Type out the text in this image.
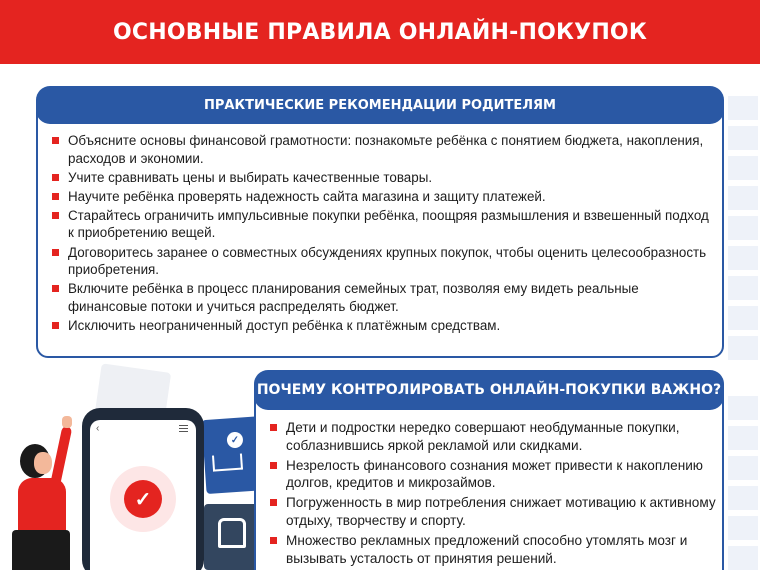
ОСНОВНЫЕ ПРАВИЛА ОНЛАЙН-ПОКУПОК
ПРАКТИЧЕСКИЕ РЕКОМЕНДАЦИИ РОДИТЕЛЯМ
Объясните основы финансовой грамотности: познакомьте ребёнка с понятием бюджета, накопления, расходов и экономии.
Учите сравнивать цены и выбирать качественные товары.
Научите ребёнка проверять надежность сайта магазина и защиту платежей.
Старайтесь ограничить импульсивные покупки ребёнка, поощряя размышления и взвешенный подход к приобретению вещей.
Договоритесь заранее о совместных обсуждениях крупных покупок, чтобы оценить целесообразность приобретения.
Включите ребёнка в процесс планирования семейных трат, позволяя ему видеть реальные финансовые потоки и учиться распределять бюджет.
Исключить неограниченный доступ ребёнка к платёжным средствам.
✓
‹
✓
ПОЧЕМУ КОНТРОЛИРОВАТЬ ОНЛАЙН-ПОКУПКИ ВАЖНО?
Дети и подростки нередко совершают необдуманные покупки, соблазнившись яркой рекламой или скидками.
Незрелость финансового сознания может привести к накоплению долгов, кредитов и микрозаймов.
Погруженность в мир потребления снижает мотивацию к активному отдыху, творчеству и спорту.
Множество рекламных предложений способно утомлять мозг и вызывать усталость от принятия решений.
